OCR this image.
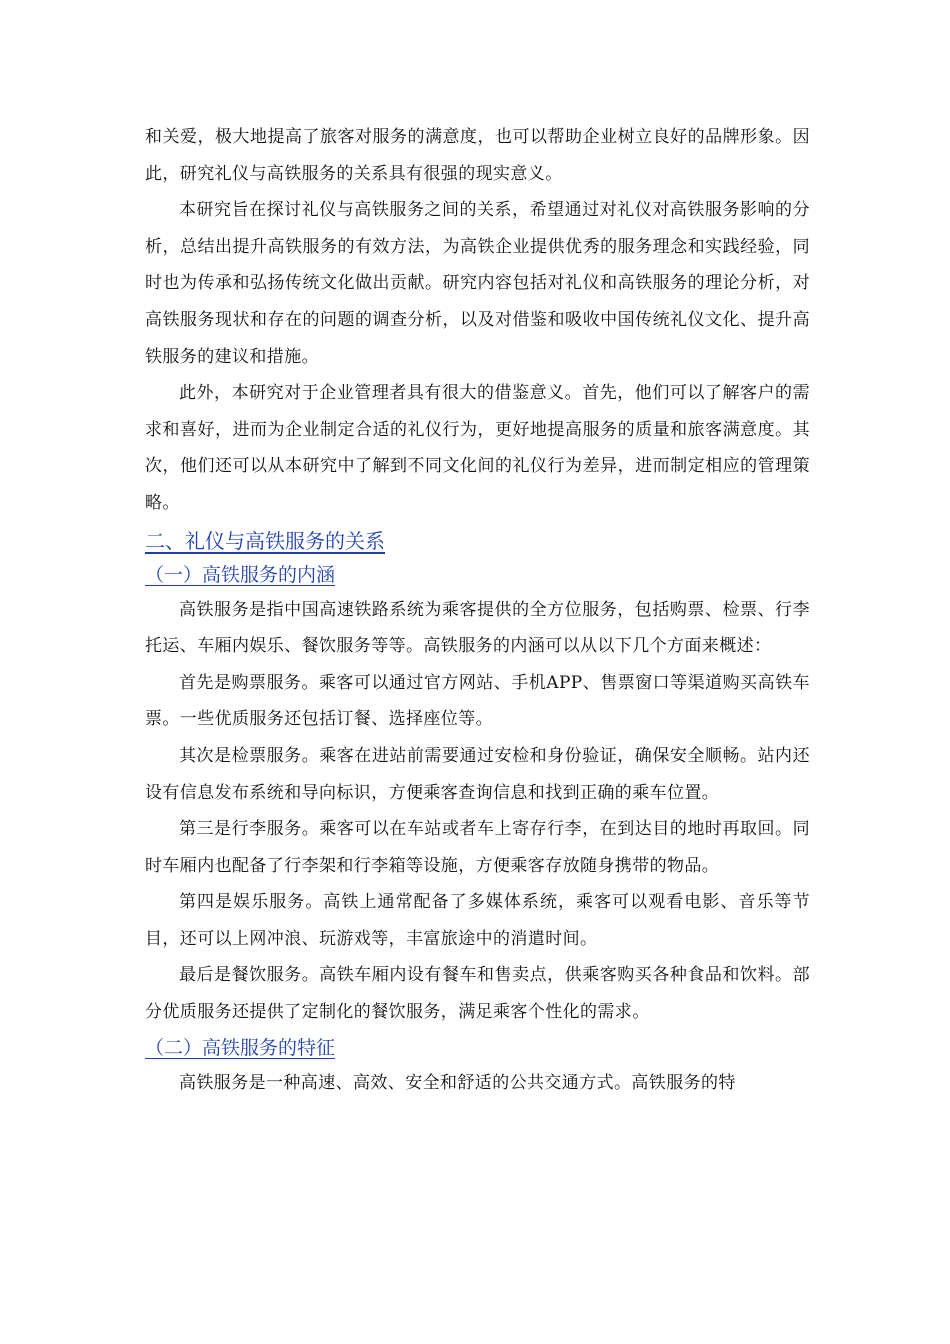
和关爱，极大地提高了旅客对服务的满意度，也可以帮助企业树立良好的品牌形象。因此，研究礼仪与高铁服务的关系具有很强的现实意义。

本研究旨在探讨礼仪与高铁服务之间的关系，希望通过对礼仪对高铁服务影响的分析，总结出提升高铁服务的有效方法，为高铁企业提供优秀的服务理念和实践经验，同时也为传承和弘扬传统文化做出贡献。研究内容包括对礼仪和高铁服务的理论分析，对高铁服务现状和存在的问题的调查分析，以及对借鉴和吸收中国传统礼仪文化、提升高铁服务的建议和措施。

此外，本研究对于企业管理者具有很大的借鉴意义。首先，他们可以了解客户的需求和喜好，进而为企业制定合适的礼仪行为，更好地提高服务的质量和旅客满意度。其次，他们还可以从本研究中了解到不同文化间的礼仪行为差异，进而制定相应的管理策略。

二、礼仪与高铁服务的关系
（一）高铁服务的内涵

高铁服务是指中国高速铁路系统为乘客提供的全方位服务，包括购票、检票、行李托运、车厢内娱乐、餐饮服务等等。高铁服务的内涵可以从以下几个方面来概述：

首先是购票服务。乘客可以通过官方网站、手机APP、售票窗口等渠道购买高铁车票。一些优质服务还包括订餐、选择座位等。

其次是检票服务。乘客在进站前需要通过安检和身份验证，确保安全顺畅。站内还设有信息发布系统和导向标识，方便乘客查询信息和找到正确的乘车位置。

第三是行李服务。乘客可以在车站或者车上寄存行李，在到达目的地时再取回。同时车厢内也配备了行李架和行李箱等设施，方便乘客存放随身携带的物品。

第四是娱乐服务。高铁上通常配备了多媒体系统，乘客可以观看电影、音乐等节目，还可以上网冲浪、玩游戏等，丰富旅途中的消遣时间。

最后是餐饮服务。高铁车厢内设有餐车和售卖点，供乘客购买各种食品和饮料。部分优质服务还提供了定制化的餐饮服务，满足乘客个性化的需求。

（二）高铁服务的特征

高铁服务是一种高速、高效、安全和舒适的公共交通方式。高铁服务的特
